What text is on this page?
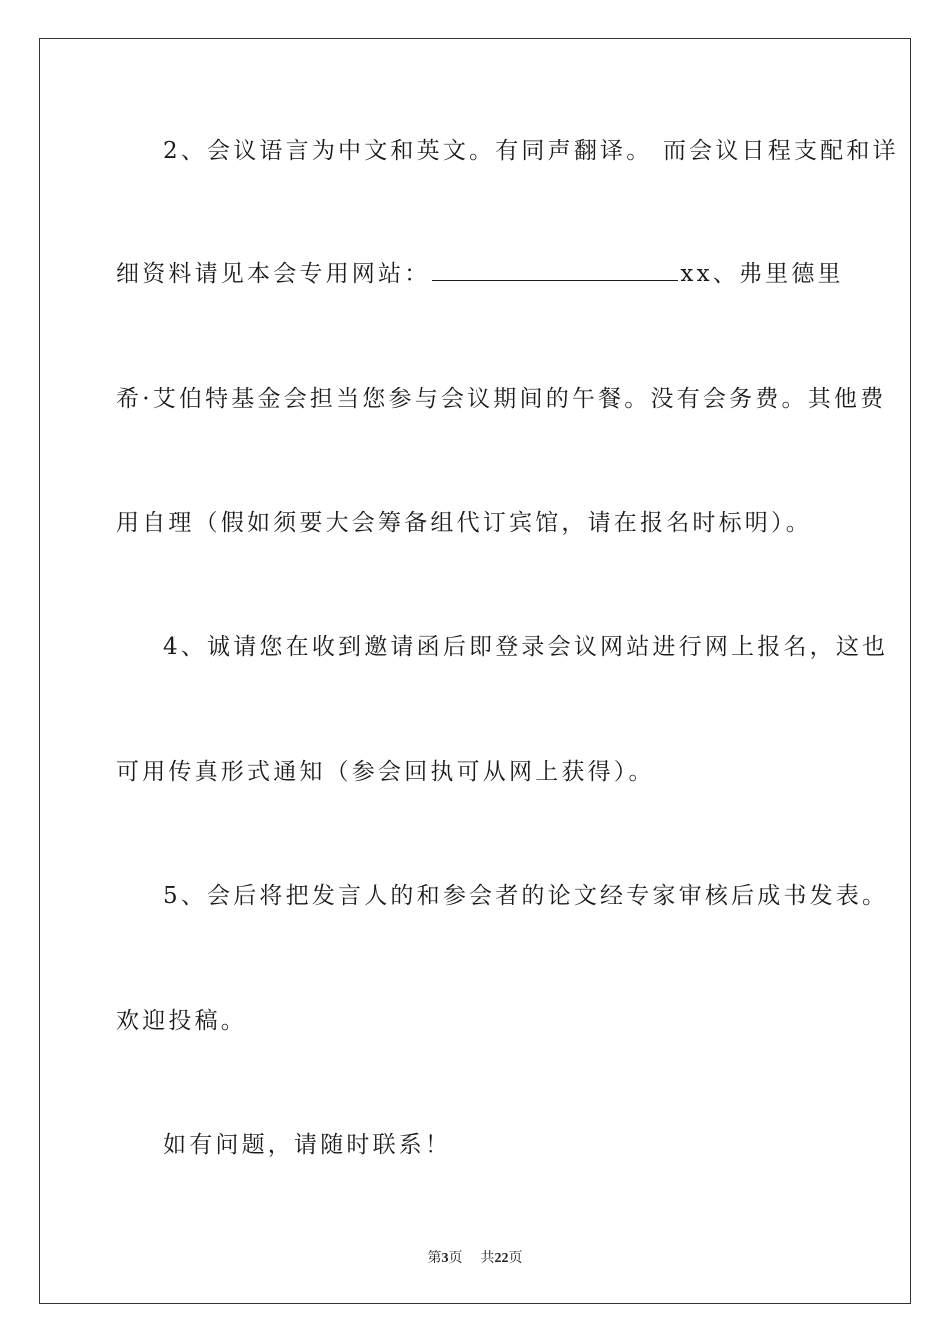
2、会议语言为中文和英文。有同声翻译。 而会议日程支配和详
细资料请见本会专用网站：	xx、弗里德里
希·艾伯特基金会担当您参与会议期间的午餐。没有会务费。其他费
用自理（假如须要大会筹备组代订宾馆，请在报名时标明）。
4、诚请您在收到邀请函后即登录会议网站进行网上报名，这也
可用传真形式通知（参会回执可从网上获得）。
5、会后将把发言人的和参会者的论文经专家审核后成书发表。
欢迎投稿。
如有问题，请随时联系！
第3页 共22页
